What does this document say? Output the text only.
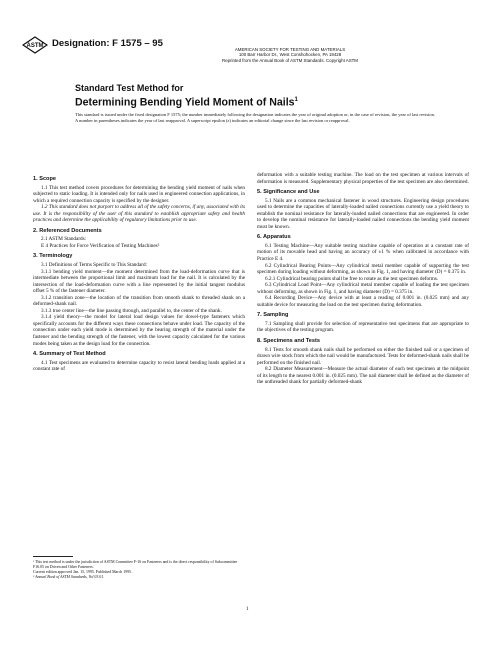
ASTM Designation: F 1575 – 95
AMERICAN SOCIETY FOR TESTING AND MATERIALS
100 Barr Harbor Dr., West Conshohocken, PA 19428
Reprinted from the Annual Book of ASTM Standards. Copyright ASTM
Standard Test Method for
Determining Bending Yield Moment of Nails$^1$
This standard is issued under the fixed designation F 1575; the number immediately following the designation indicates the year of original adoption or, in the case of revision, the year of last revision. A number in parentheses indicates the year of last reapproval. A superscript epsilon (ε) indicates an editorial change since the last revision or reapproval.

1. Scope

1.1 This test method covers procedures for determining the bending yield moment of nails when subjected to static loading. It is intended only for nails used in engineered connection applications, in which a required connection capacity is specified by the designer.

1.2 This standard does not purport to address all of the safety concerns, if any, associated with its use. It is the responsibility of the user of this standard to establish appropriate safety and health practices and determine the applicability of regulatory limitations prior to use.

2. Referenced Documents

2.1 ASTM Standards:

E 4 Practices for Force Verification of Testing Machines²

3. Terminology

3.1 Definitions of Terms Specific to This Standard:

3.1.1 bending yield moment—the moment determined from the load-deformation curve that is intermediate between the proportional limit and maximum load for the nail. It is calculated by the intersection of the load-deformation curve with a line represented by the initial tangent modulus offset 5 % of the fastener diameter.

3.1.2 transition zone—the location of the transition from smooth shank to threaded shank on a deformed-shank nail.

3.1.3 true center line—the line passing through, and parallel to, the center of the shank.

3.1.4 yield theory—the model for lateral load design values for dowel-type fasteners which specifically accounts for the different ways these connections behave under load. The capacity of the connection under each yield mode is determined by the bearing strength of the material under the fastener and the bending strength of the fastener, with the lowest capacity calculated for the various modes being taken as the design load for the connection.

4. Summary of Test Method

4.1 Test specimens are evaluated to determine capacity to resist lateral bending loads applied at a constant rate of

deformation with a suitable testing machine. The load on the test specimen at various intervals of deformation is measured. Supplementary physical properties of the test specimen are also determined.

5. Significance and Use

5.1 Nails are a common mechanical fastener in wood structures. Engineering design procedures used to determine the capacities of laterally-loaded nailed connections currently use a yield theory to establish the nominal resistance for laterally-loaded nailed connections that are engineered. In order to develop the nominal resistance for laterally-loaded nailed connections the bending yield moment must be known.

6. Apparatus

6.1 Testing Machine—Any suitable testing machine capable of operation at a constant rate of motion of its movable head and having an accuracy of ±1 % when calibrated in accordance with Practice E 4.

6.2 Cylindrical Bearing Points—Any cylindrical metal member capable of supporting the test specimen during loading without deforming, as shown in Fig. 1, and having diameter (D) = 0.375 in.

6.2.1 Cylindrical bearing points shall be free to rotate as the test specimen deforms.

6.3 Cylindrical Load Point—Any cylindrical metal member capable of loading the test specimen without deforming, as shown in Fig. 1, and having diameter (D) = 0.375 in.

6.4 Recording Device—Any device with at least a reading of 0.001 in. (0.025 mm) and any suitable device for measuring the load on the test specimen during deformation.

7. Sampling

7.1 Sampling shall provide for selection of representative test specimens that are appropriate to the objectives of the testing program.

8. Specimens and Tests

8.1 Tests for smooth shank nails shall be performed on either the finished nail or a specimen of drawn wire stock from which the nail would be manufactured. Tests for deformed-shank nails shall be performed on the finished nail.

8.2 Diameter Measurement—Measure the actual diameter of each test specimen at the midpoint of its length to the nearest 0.001 in. (0.025 mm). The nail diameter shall be defined as the diameter of the unthreaded shank for partially deformed-shank

¹ This test method is under the jurisdiction of ASTM Committee F-16 on Fasteners and is the direct responsibility of Subcommittee F16.05 on Driven and Other Fasteners.

Current edition approved Jan. 15, 1995. Published March 1995.

² Annual Book of ASTM Standards, Vol 03.01.

1
